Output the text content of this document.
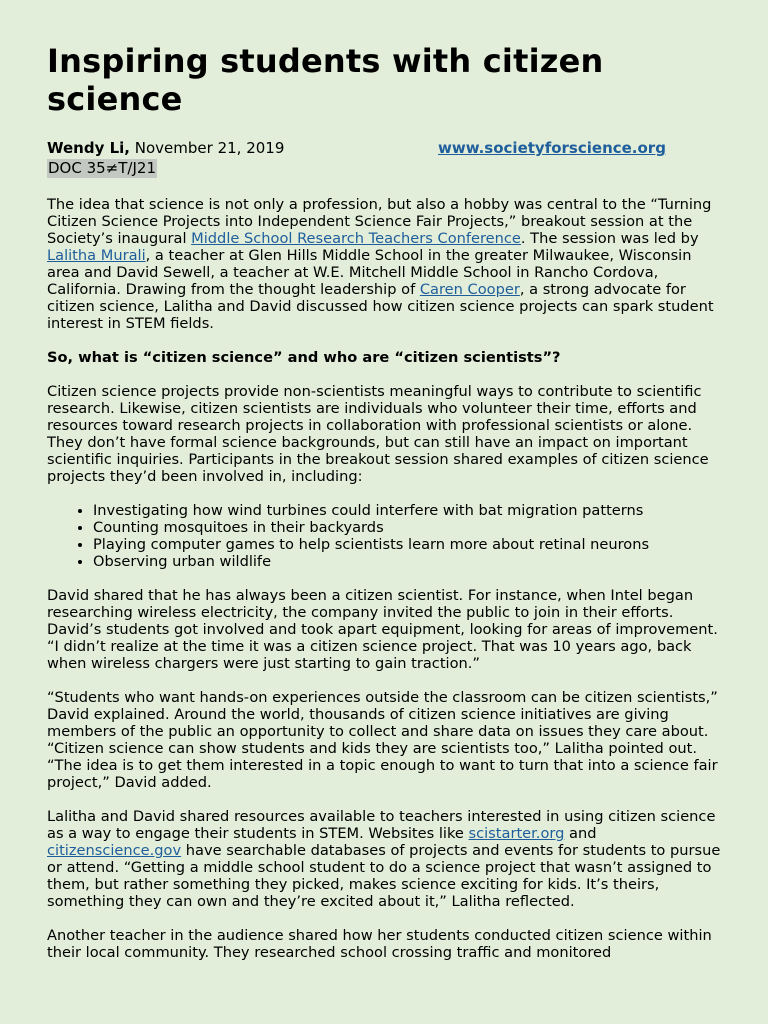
Inspiring students with citizen science
Wendy Li, November 21, 2019	www.societyforscience.org
DOC 35≠T/J21

The idea that science is not only a profession, but also a hobby was central to the “Turning Citizen Science Projects into Independent Science Fair Projects,” breakout session at the Society’s inaugural Middle School Research Teachers Conference. The session was led by Lalitha Murali, a teacher at Glen Hills Middle School in the greater Milwaukee, Wisconsin area and David Sewell, a teacher at W.E. Mitchell Middle School in Rancho Cordova, California. Drawing from the thought leadership of Caren Cooper, a strong advocate for citizen science, Lalitha and David discussed how citizen science projects can spark student interest in STEM fields.

So, what is “citizen science” and who are “citizen scientists”?

Citizen science projects provide non-scientists meaningful ways to contribute to scientific research. Likewise, citizen scientists are individuals who volunteer their time, efforts and resources toward research projects in collaboration with professional scientists or alone. They don’t have formal science backgrounds, but can still have an impact on important scientific inquiries. Participants in the breakout session shared examples of citizen science projects they’d been involved in, including:

• Investigating how wind turbines could interfere with bat migration patterns
• Counting mosquitoes in their backyards
• Playing computer games to help scientists learn more about retinal neurons
• Observing urban wildlife

David shared that he has always been a citizen scientist. For instance, when Intel began researching wireless electricity, the company invited the public to join in their efforts. David’s students got involved and took apart equipment, looking for areas of improvement. “I didn’t realize at the time it was a citizen science project. That was 10 years ago, back when wireless chargers were just starting to gain traction.”

“Students who want hands-on experiences outside the classroom can be citizen scientists,” David explained. Around the world, thousands of citizen science initiatives are giving members of the public an opportunity to collect and share data on issues they care about. “Citizen science can show students and kids they are scientists too,” Lalitha pointed out. “The idea is to get them interested in a topic enough to want to turn that into a science fair project,” David added.

Lalitha and David shared resources available to teachers interested in using citizen science as a way to engage their students in STEM. Websites like scistarter.org and citizenscience.gov have searchable databases of projects and events for students to pursue or attend. “Getting a middle school student to do a science project that wasn’t assigned to them, but rather something they picked, makes science exciting for kids. It’s theirs, something they can own and they’re excited about it,” Lalitha reflected.

Another teacher in the audience shared how her students conducted citizen science within their local community. They researched school crossing traffic and monitored
